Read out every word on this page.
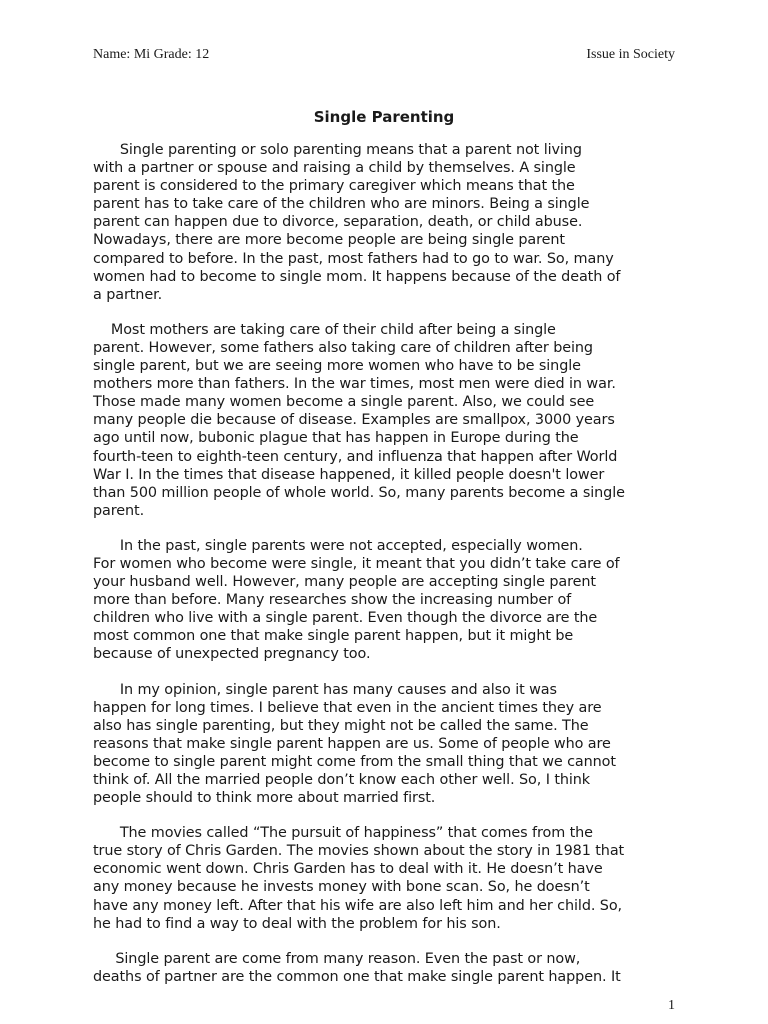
Name: Mi Grade: 12	Issue in Society
Single Parenting
Single parenting or solo parenting means that a parent not living
with a partner or spouse and raising a child by themselves. A single
parent is considered to the primary caregiver which means that the
parent has to take care of the children who are minors. Being a single
parent can happen due to divorce, separation, death, or child abuse.
Nowadays, there are more become people are being single parent
compared to before. In the past, most fathers had to go to war. So, many
women had to become to single mom. It happens because of the death of
a partner.
Most mothers are taking care of their child after being a single
parent. However, some fathers also taking care of children after being
single parent, but we are seeing more women who have to be single
mothers more than fathers. In the war times, most men were died in war.
Those made many women become a single parent. Also, we could see
many people die because of disease. Examples are smallpox, 3000 years
ago until now, bubonic plague that has happen in Europe during the
fourth-teen to eighth-teen century, and influenza that happen after World
War I. In the times that disease happened, it killed people doesn't lower
than 500 million people of whole world. So, many parents become a single
parent.
In the past, single parents were not accepted, especially women.
For women who become were single, it meant that you didn’t take care of
your husband well. However, many people are accepting single parent
more than before. Many researches show the increasing number of
children who live with a single parent. Even though the divorce are the
most common one that make single parent happen, but it might be
because of unexpected pregnancy too.
In my opinion, single parent has many causes and also it was
happen for long times. I believe that even in the ancient times they are
also has single parenting, but they might not be called the same. The
reasons that make single parent happen are us. Some of people who are
become to single parent might come from the small thing that we cannot
think of. All the married people don’t know each other well. So, I think
people should to think more about married first.
The movies called “The pursuit of happiness” that comes from the
true story of Chris Garden. The movies shown about the story in 1981 that
economic went down. Chris Garden has to deal with it. He doesn’t have
any money because he invests money with bone scan. So, he doesn’t
have any money left. After that his wife are also left him and her child. So,
he had to find a way to deal with the problem for his son.
Single parent are come from many reason. Even the past or now,
deaths of partner are the common one that make single parent happen. It
1
